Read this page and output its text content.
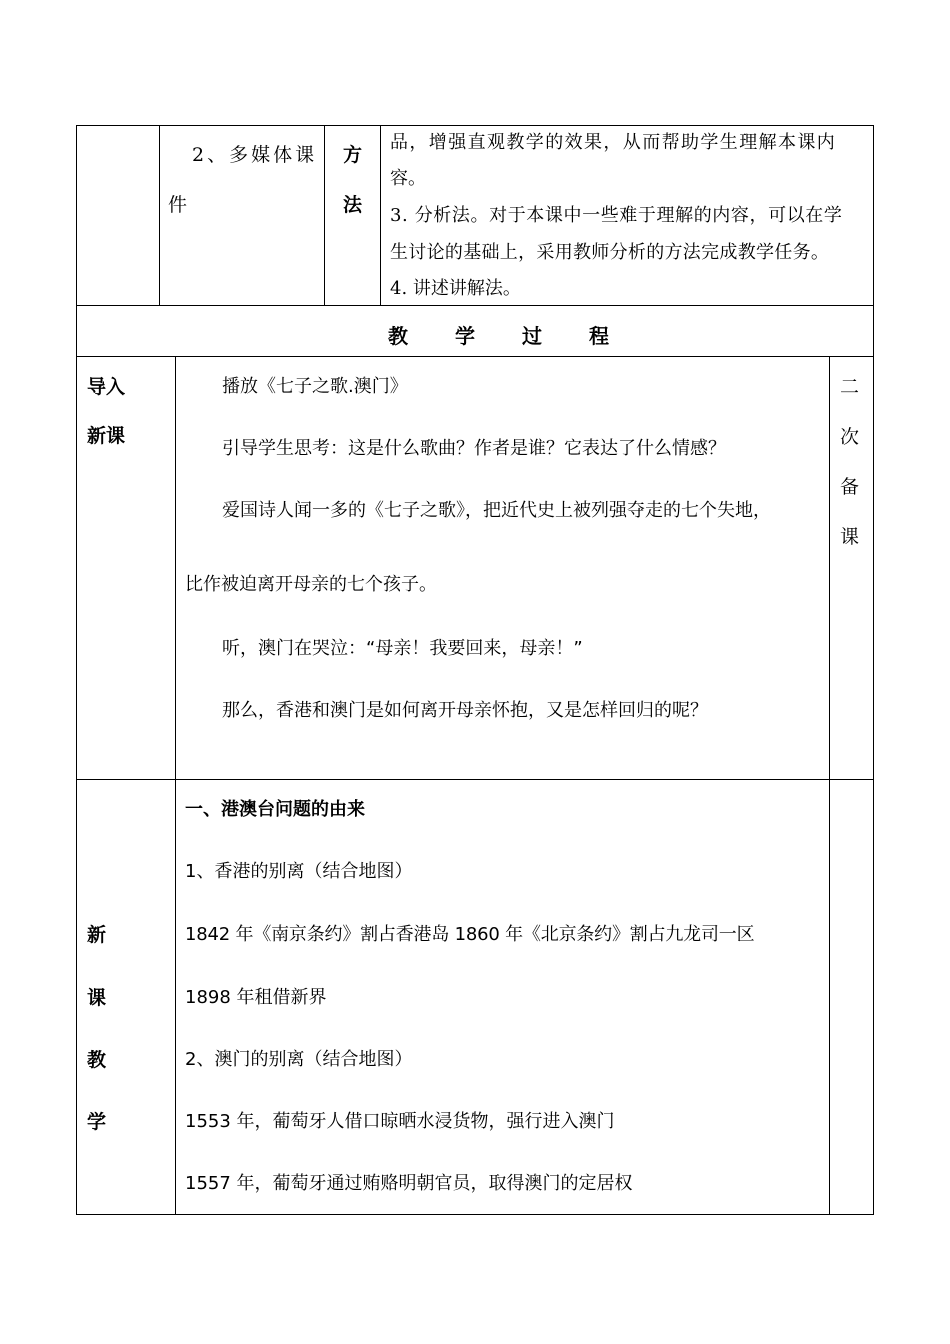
2、多媒体课
件
方
法
品，增强直观教学的效果，从而帮助学生理解本课内
容。
3. 分析法。对于本课中一些难于理解的内容，可以在学
生讨论的基础上，采用教师分析的方法完成教学任务。
4. 讲述讲解法。
教 学 过 程
导入
新课
播放《七子之歌.澳门》
引导学生思考：这是什么歌曲？作者是谁？它表达了什么情感？
爱国诗人闻一多的《七子之歌》，把近代史上被列强夺走的七个失地，
比作被迫离开母亲的七个孩子。
听，澳门在哭泣：“母亲！我要回来，母亲！”
那么，香港和澳门是如何离开母亲怀抱，又是怎样回归的呢？
二
次
备
课
新
课
教
学
一、港澳台问题的由来
1、香港的别离（结合地图）
1842 年《南京条约》割占香港岛 1860 年《北京条约》割占九龙司一区
1898 年租借新界
2、澳门的别离（结合地图）
1553 年，葡萄牙人借口晾晒水浸货物，强行进入澳门
1557 年，葡萄牙通过贿赂明朝官员，取得澳门的定居权
